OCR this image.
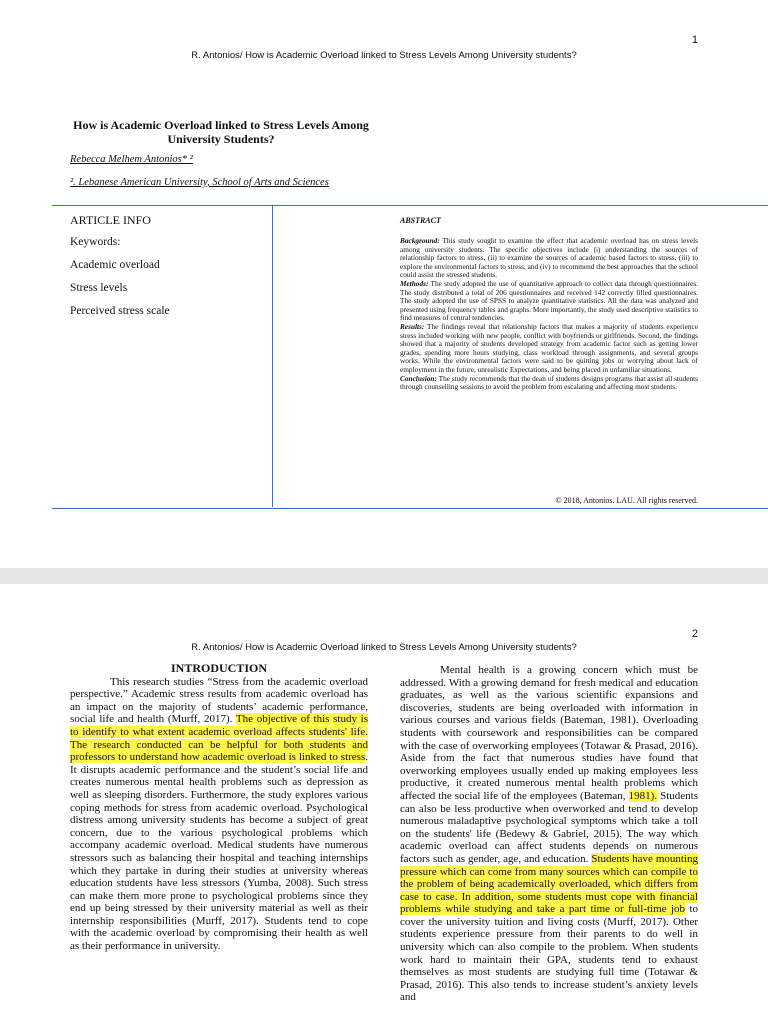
1
R. Antonios/ How is Academic Overload linked to Stress Levels Among University students?
How is Academic Overload linked to Stress Levels Among University Students?
Rebecca Melhem Antonios* ²
². Lebanese American University, School of Arts and Sciences
ARTICLE INFO
Keywords:
Academic overload
Stress levels
Perceived stress scale
ABSTRACT

Background: This study sought to examine the effect that academic overload has on stress levels among university students. The specific objectives include (i) understanding the sources of relationship factors to stress, (ii) to examine the sources of academic based factors to stress, (iii) to explore the environmental factors to stress, and (iv) to recommend the best approaches that the school could assist the stressed students.

Methods: The study adopted the use of quantitative approach to collect data through questionnaires. The study distributed a total of 206 questionnaires and received 142 correctly filled questionnaires. The study adopted the use of SPSS to analyze quantitative statistics. All the data was analyzed and presented using frequency tables and graphs. More importantly, the study used descriptive statistics to find measures of central tendencies.

Results: The findings reveal that relationship factors that makes a majority of students experience stress included working with new people, conflict with boyfriends or girlfriends. Second, the findings showed that a majority of students developed strategy from academic factor such as getting lower grades, spending more hours studying, class workload through assignments, and several groups works. While the environmental factors were said to be quitting jobs or worrying about lack of employment in the future, unrealistic Expectations, and being placed in unfamiliar situations.

Conclusion: The study recommends that the dean of students designs programs that assist all students through counselling sessions to avoid the problem from escalating and affecting most students.

© 2018, Antonios. LAU. All rights reserved.
2
R. Antonios/ How is Academic Overload linked to Stress Levels Among University students?
INTRODUCTION

This research studies “Stress from the academic overload perspective.” Academic stress results from academic overload has an impact on the majority of students’ academic performance, social life and health (Murff, 2017). The objective of this study is to identify to what extent academic overload affects students' life. The research conducted can be helpful for both students and professors to understand how academic overload is linked to stress. It disrupts academic performance and the student’s social life and creates numerous mental health problems such as depression as well as sleeping disorders. Furthermore, the study explores various coping methods for stress from academic overload. Psychological distress among university students has become a subject of great concern, due to the various psychological problems which accompany academic overload. Medical students have numerous stressors such as balancing their hospital and teaching internships which they partake in during their studies at university whereas education students have less stressors (Yumba, 2008). Such stress can make them more prone to psychological problems since they end up being stressed by their university material as well as their internship responsibilities (Murff, 2017). Students tend to cope with the academic overload by compromising their health as well as their performance in university.

Mental health is a growing concern which must be addressed. With a growing demand for fresh medical and education graduates, as well as the various scientific expansions and discoveries, students are being overloaded with information in various courses and various fields (Bateman, 1981). Overloading students with coursework and responsibilities can be compared with the case of overworking employees (Totawar & Prasad, 2016). Aside from the fact that numerous studies have found that overworking employees usually ended up making employees less productive, it created numerous mental health problems which affected the social life of the employees (Bateman, 1981). Students can also be less productive when overworked and tend to develop numerous maladaptive psychological symptoms which take a toll on the students' life (Bedewy & Gabriel, 2015). The way which academic overload can affect students depends on numerous factors such as gender, age, and education. Students have mounting pressure which can come from many sources which can compile to the problem of being academically overloaded, which differs from case to case. In addition, some students must cope with financial problems while studying and take a part time or full-time job to cover the university tuition and living costs (Murff, 2017). Other students experience pressure from their parents to do well in university which can also compile to the problem. When students work hard to maintain their GPA, students tend to exhaust themselves as most students are studying full time (Totawar & Prasad, 2016). This also tends to increase student’s anxiety levels and
